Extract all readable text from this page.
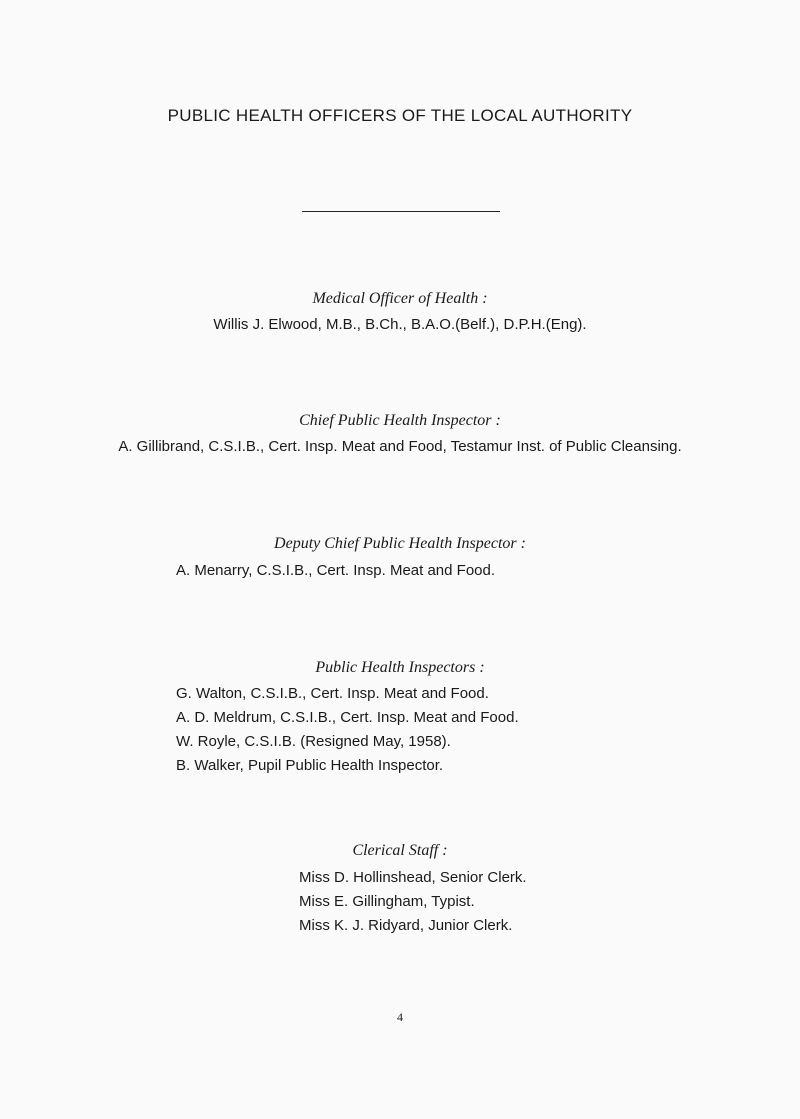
PUBLIC HEALTH OFFICERS OF THE LOCAL AUTHORITY
Medical Officer of Health :
Willis J. Elwood, M.B., B.Ch., B.A.O.(Belf.), D.P.H.(Eng).
Chief Public Health Inspector :
A. Gillibrand, C.S.I.B., Cert. Insp. Meat and Food, Testamur Inst. of Public Cleansing.
Deputy Chief Public Health Inspector :
A. Menarry, C.S.I.B., Cert. Insp. Meat and Food.
Public Health Inspectors :
G. Walton, C.S.I.B., Cert. Insp. Meat and Food.
A. D. Meldrum, C.S.I.B., Cert. Insp. Meat and Food.
W. Royle, C.S.I.B. (Resigned May, 1958).
B. Walker, Pupil Public Health Inspector.
Clerical Staff :
Miss D. Hollinshead, Senior Clerk.
Miss E. Gillingham, Typist.
Miss K. J. Ridyard, Junior Clerk.
4
